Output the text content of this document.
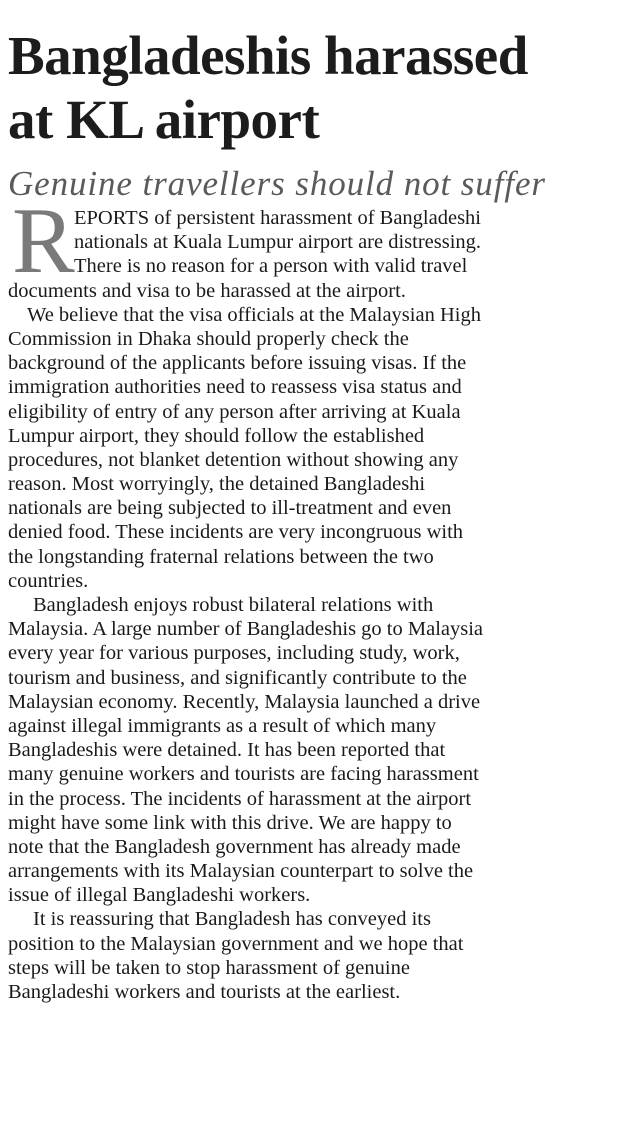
Bangladeshis harassed
at KL airport
Genuine travellers should not suffer
R EPORTS of persistent harassment of Bangladeshi
nationals at Kuala Lumpur airport are distressing.
There is no reason for a person with valid travel
documents and visa to be harassed at the airport.
We believe that the visa officials at the Malaysian High
Commission in Dhaka should properly check the
background of the applicants before issuing visas. If the
immigration authorities need to reassess visa status and
eligibility of entry of any person after arriving at Kuala
Lumpur airport, they should follow the established
procedures, not blanket detention without showing any
reason. Most worryingly, the detained Bangladeshi
nationals are being subjected to ill-treatment and even
denied food. These incidents are very incongruous with
the longstanding fraternal relations between the two
countries.
Bangladesh enjoys robust bilateral relations with
Malaysia. A large number of Bangladeshis go to Malaysia
every year for various purposes, including study, work,
tourism and business, and significantly contribute to the
Malaysian economy. Recently, Malaysia launched a drive
against illegal immigrants as a result of which many
Bangladeshis were detained. It has been reported that
many genuine workers and tourists are facing harassment
in the process. The incidents of harassment at the airport
might have some link with this drive. We are happy to
note that the Bangladesh government has already made
arrangements with its Malaysian counterpart to solve the
issue of illegal Bangladeshi workers.
It is reassuring that Bangladesh has conveyed its
position to the Malaysian government and we hope that
steps will be taken to stop harassment of genuine
Bangladeshi workers and tourists at the earliest.
